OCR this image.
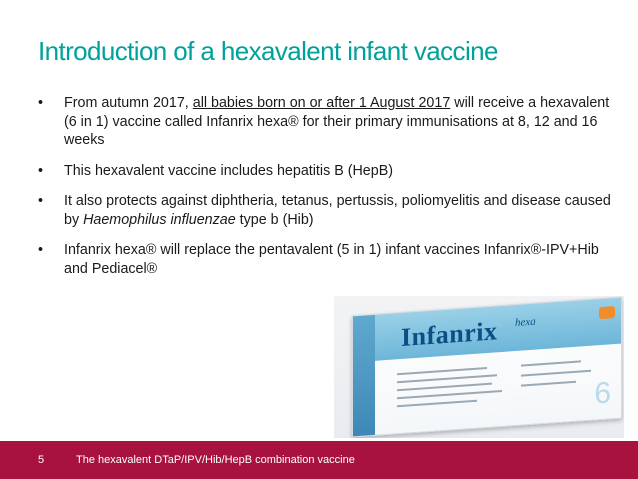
Introduction of a hexavalent infant vaccine
• From autumn 2017, all babies born on or after 1 August 2017 will receive a hexavalent (6 in 1) vaccine called Infanrix hexa® for their primary immunisations at 8, 12 and 16 weeks
• This hexavalent vaccine includes hepatitis B (HepB)
• It also protects against diphtheria, tetanus, pertussis, poliomyelitis and disease caused by Haemophilus influenzae type b (Hib)
• Infanrix hexa® will replace the pentavalent (5 in 1) infant vaccines Infanrix®-IPV+Hib and Pediacel®
Infanrix hexa
6
5	The hexavalent DTaP/IPV/Hib/HepB combination vaccine
